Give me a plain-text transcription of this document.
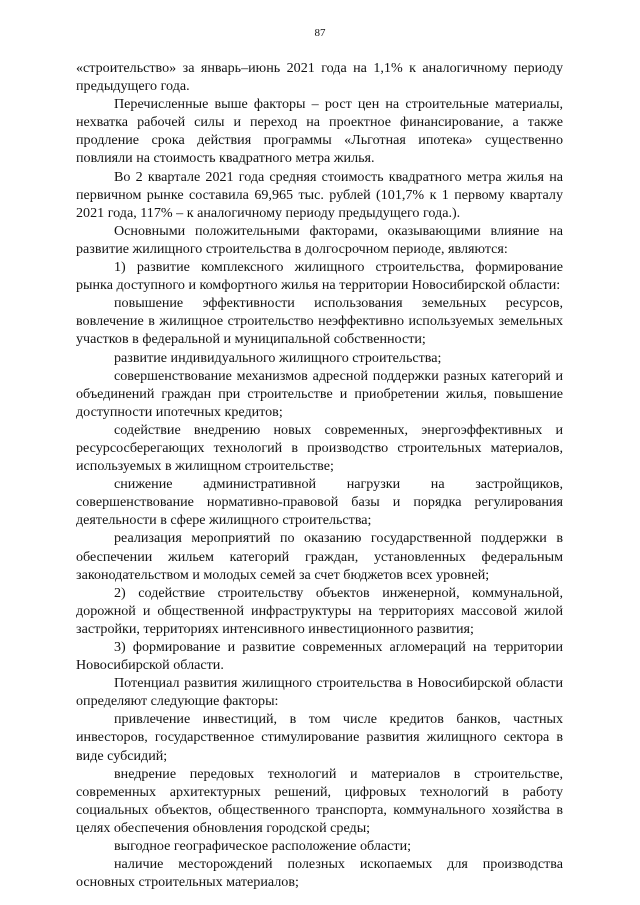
87

«строительство» за январь–июнь 2021 года на 1,1% к аналогичному периоду предыдущего года.

Перечисленные выше факторы – рост цен на строительные материалы, нехватка рабочей силы и переход на проектное финансирование, а также продление срока действия программы «Льготная ипотека» существенно повлияли на стоимость квадратного метра жилья.

Во 2 квартале 2021 года средняя стоимость квадратного метра жилья на первичном рынке составила 69,965 тыс. рублей (101,7% к 1 первому кварталу 2021 года, 117% – к аналогичному периоду предыдущего года.).

Основными положительными факторами, оказывающими влияние на развитие жилищного строительства в долгосрочном периоде, являются:

1) развитие комплексного жилищного строительства, формирование рынка доступного и комфортного жилья на территории Новосибирской области:

повышение эффективности использования земельных ресурсов, вовлечение в жилищное строительство неэффективно используемых земельных участков в федеральной и муниципальной собственности;

развитие индивидуального жилищного строительства;

совершенствование механизмов адресной поддержки разных категорий и объединений граждан при строительстве и приобретении жилья, повышение доступности ипотечных кредитов;

содействие внедрению новых современных, энергоэффективных и ресурсосберегающих технологий в производство строительных материалов, используемых в жилищном строительстве;

снижение административной нагрузки на застройщиков, совершенствование нормативно-правовой базы и порядка регулирования деятельности в сфере жилищного строительства;

реализация мероприятий по оказанию государственной поддержки в обеспечении жильем категорий граждан, установленных федеральным законодательством и молодых семей за счет бюджетов всех уровней;

2) содействие строительству объектов инженерной, коммунальной, дорожной и общественной инфраструктуры на территориях массовой жилой застройки, территориях интенсивного инвестиционного развития;

3) формирование и развитие современных агломераций на территории Новосибирской области.

Потенциал развития жилищного строительства в Новосибирской области определяют следующие факторы:

привлечение инвестиций, в том числе кредитов банков, частных инвесторов, государственное стимулирование развития жилищного сектора в виде субсидий;

внедрение передовых технологий и материалов в строительстве, современных архитектурных решений, цифровых технологий в работу социальных объектов, общественного транспорта, коммунального хозяйства в целях обеспечения обновления городской среды;

выгодное географическое расположение области;

наличие месторождений полезных ископаемых для производства основных строительных материалов;
